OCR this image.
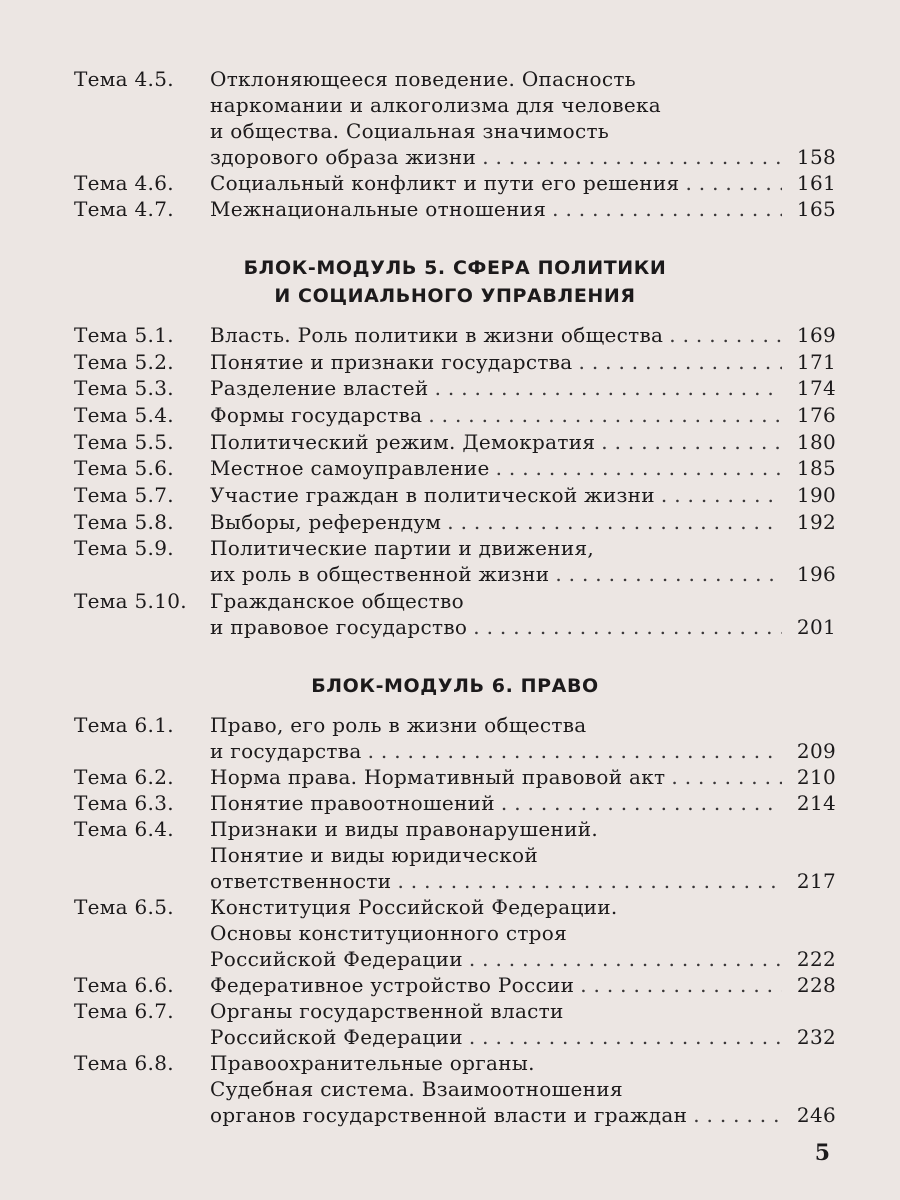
Тема 4.5. Отклоняющееся поведение. Опасность
наркомании и алкоголизма для человека
и общества. Социальная значимость
здорового образа жизни . . .	158
Тема 4.6. Социальный конфликт и пути его решения . . .	161
Тема 4.7. Межнациональные отношения . . .	165
БЛОК-МОДУЛЬ 5. СФЕРА ПОЛИТИКИ
И СОЦИАЛЬНОГО УПРАВЛЕНИЯ
Тема 5.1. Власть. Роль политики в жизни общества . . .	169
Тема 5.2. Понятие и признаки государства . . .	171
Тема 5.3. Разделение властей . . .	174
Тема 5.4. Формы государства . . .	176
Тема 5.5. Политический режим. Демократия . . .	180
Тема 5.6. Местное самоуправление . . .	185
Тема 5.7. Участие граждан в политической жизни . . .	190
Тема 5.8. Выборы, референдум . . .	192
Тема 5.9. Политические партии и движения,
их роль в общественной жизни . . .	196
Тема 5.10. Гражданское общество
и правовое государство . . .	201
БЛОК-МОДУЛЬ 6. ПРАВО
Тема 6.1. Право, его роль в жизни общества
и государства . . .	209
Тема 6.2. Норма права. Нормативный правовой акт . . .	210
Тема 6.3. Понятие правоотношений . . .	214
Тема 6.4. Признаки и виды правонарушений.
Понятие и виды юридической
ответственности . . .	217
Тема 6.5. Конституция Российской Федерации.
Основы конституционного строя
Российской Федерации . . .	222
Тема 6.6. Федеративное устройство России . . .	228
Тема 6.7. Органы государственной власти
Российской Федерации . . .	232
Тема 6.8. Правоохранительные органы.
Судебная система. Взаимоотношения
органов государственной власти и граждан . . .	246
5
